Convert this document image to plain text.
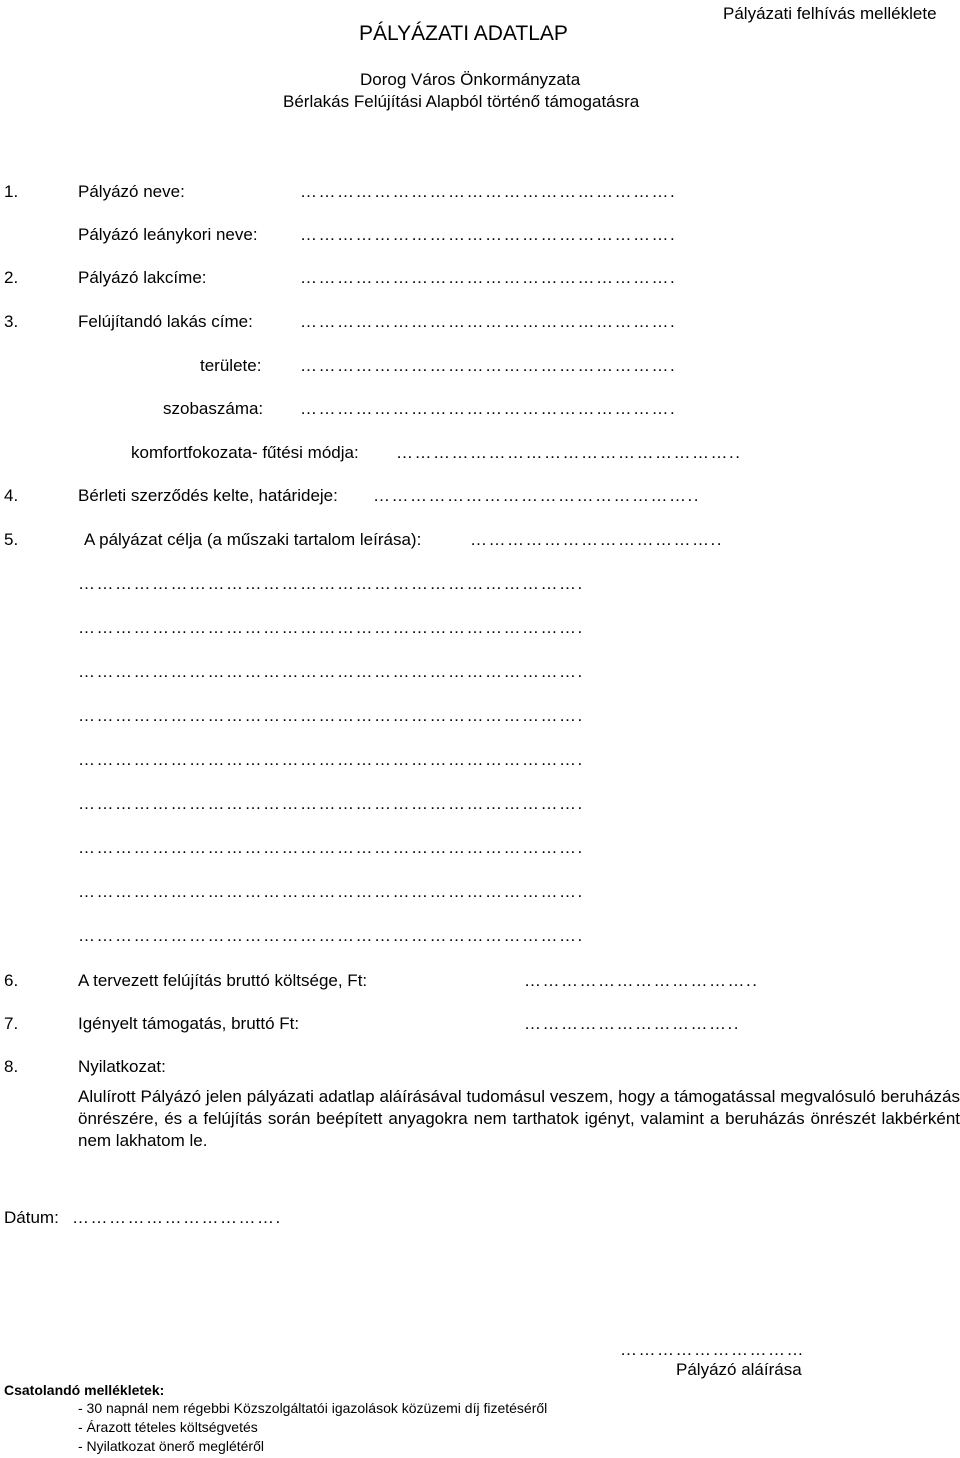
PÁLYÁZATI ADATLAP
Pályázati felhívás melléklete
Dorog Város Önkormányzata
Bérlakás Felújítási Alapból történő támogatásra
1.	Pályázó neve:	…………………………………………………….
Pályázó leánykori neve: …………………………………………………….
2.	Pályázó lakcíme:	…………………………………………………….
3.	Felújítandó lakás címe:	…………………………………………………….
területe: …………………………………………………….
szobaszáma: …………………………………………………….
komfortfokozata- fűtési módja: ………………………………………………..
4.	Bérleti szerződés kelte, határideje: ……………………………………………..
5.	A pályázat célja (a műszaki tartalom leírása):	…………………………………..
……………………………………………………………………….
……………………………………………………………………….
……………………………………………………………………….
……………………………………………………………………….
……………………………………………………………………….
……………………………………………………………………….
……………………………………………………………………….
……………………………………………………………………….
……………………………………………………………………….
6.	A tervezett felújítás bruttó költsége, Ft:	………………………………..
7.	Igényelt támogatás, bruttó Ft:	……………………………..
8.	Nyilatkozat:
Alulírott Pályázó jelen pályázati adatlap aláírásával tudomásul veszem, hogy a támogatással megvalósuló beruházás önrészére, és a felújítás során beépített anyagokra nem tarthatok igényt, valamint a beruházás önrészét lakbérként nem lakhatom le.
Dátum: …………………………….
…………………………
Pályázó aláírása
Csatolandó mellékletek:
- 30 napnál nem régebbi Közszolgáltatói igazolások közüzemi díj fizetéséről
- Árazott tételes költségvetés
- Nyilatkozat önerő meglétéről
